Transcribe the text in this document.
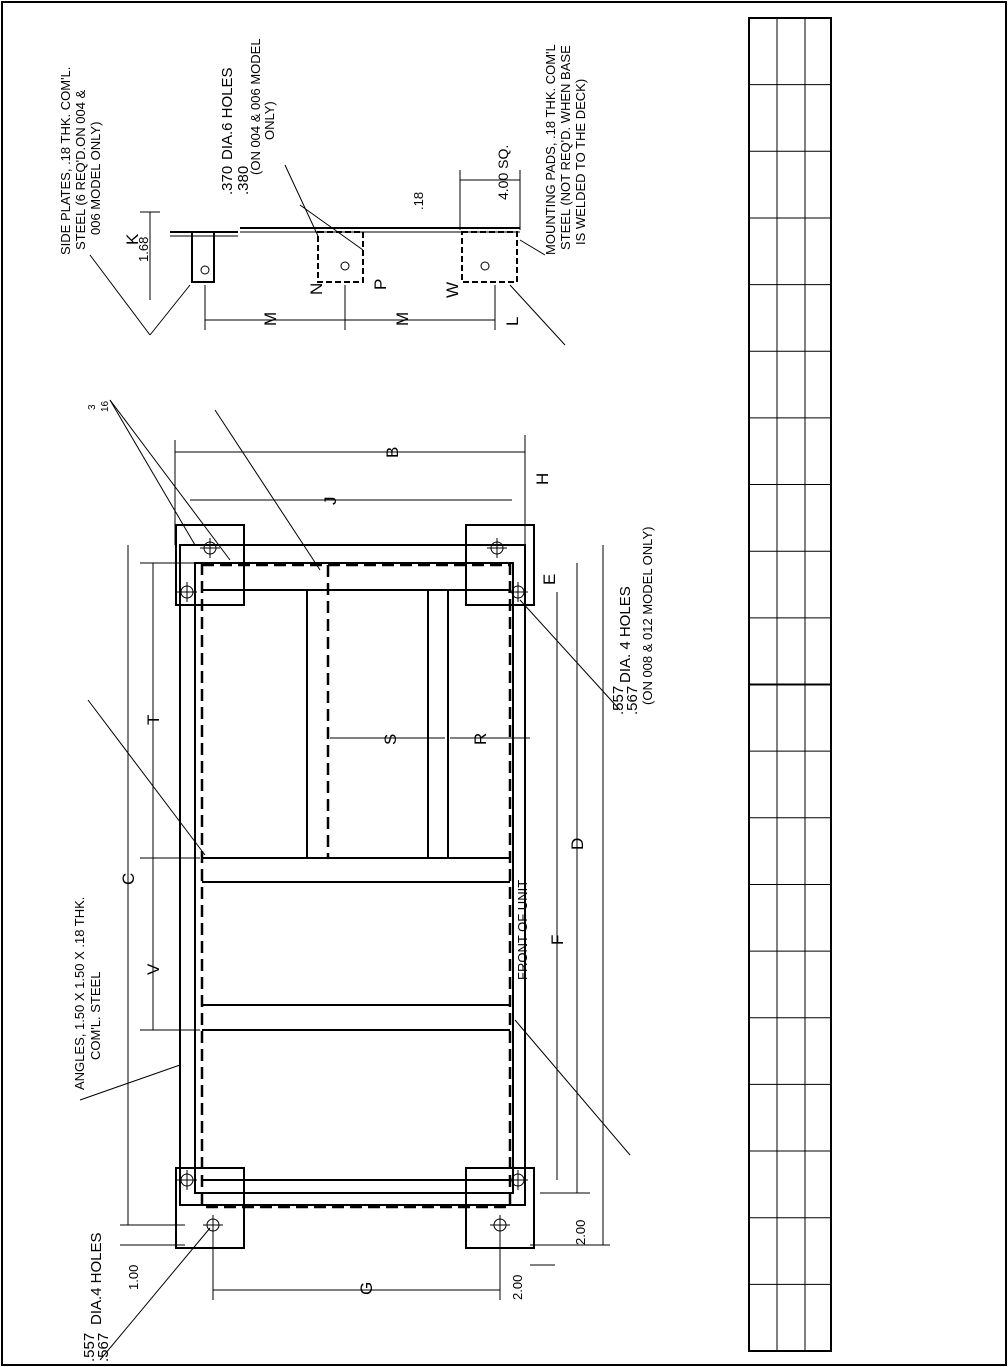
SIDE PLATES, .18 THK. COM'L. STEEL (6 REQ'D.ON 004 & 006 MODEL ONLY)	.370 .380
DIA.6 HOLES (ON 004 & 006 MODEL ONLY)	MOUNTING PADS, .18 THK. COM'L STEEL (NOT REQ'D. WHEN BASE IS WELDED TO THE DECK)
1.68
.18
4.00 SQ.
ANGLES, 1.50 X 1.50 X .18 THK. COM'L. STEEL
FRONT OF UNIT
.557
.567
DIA. 4 HOLES (ON 008 & 012 MODEL ONLY)
.557
.567
DIA.4 HOLES 1.00	2.00
2.00
3 16
B
J
H
C
T
V
D
F
E
G
S	R
K
M	M
N	P	W
L
